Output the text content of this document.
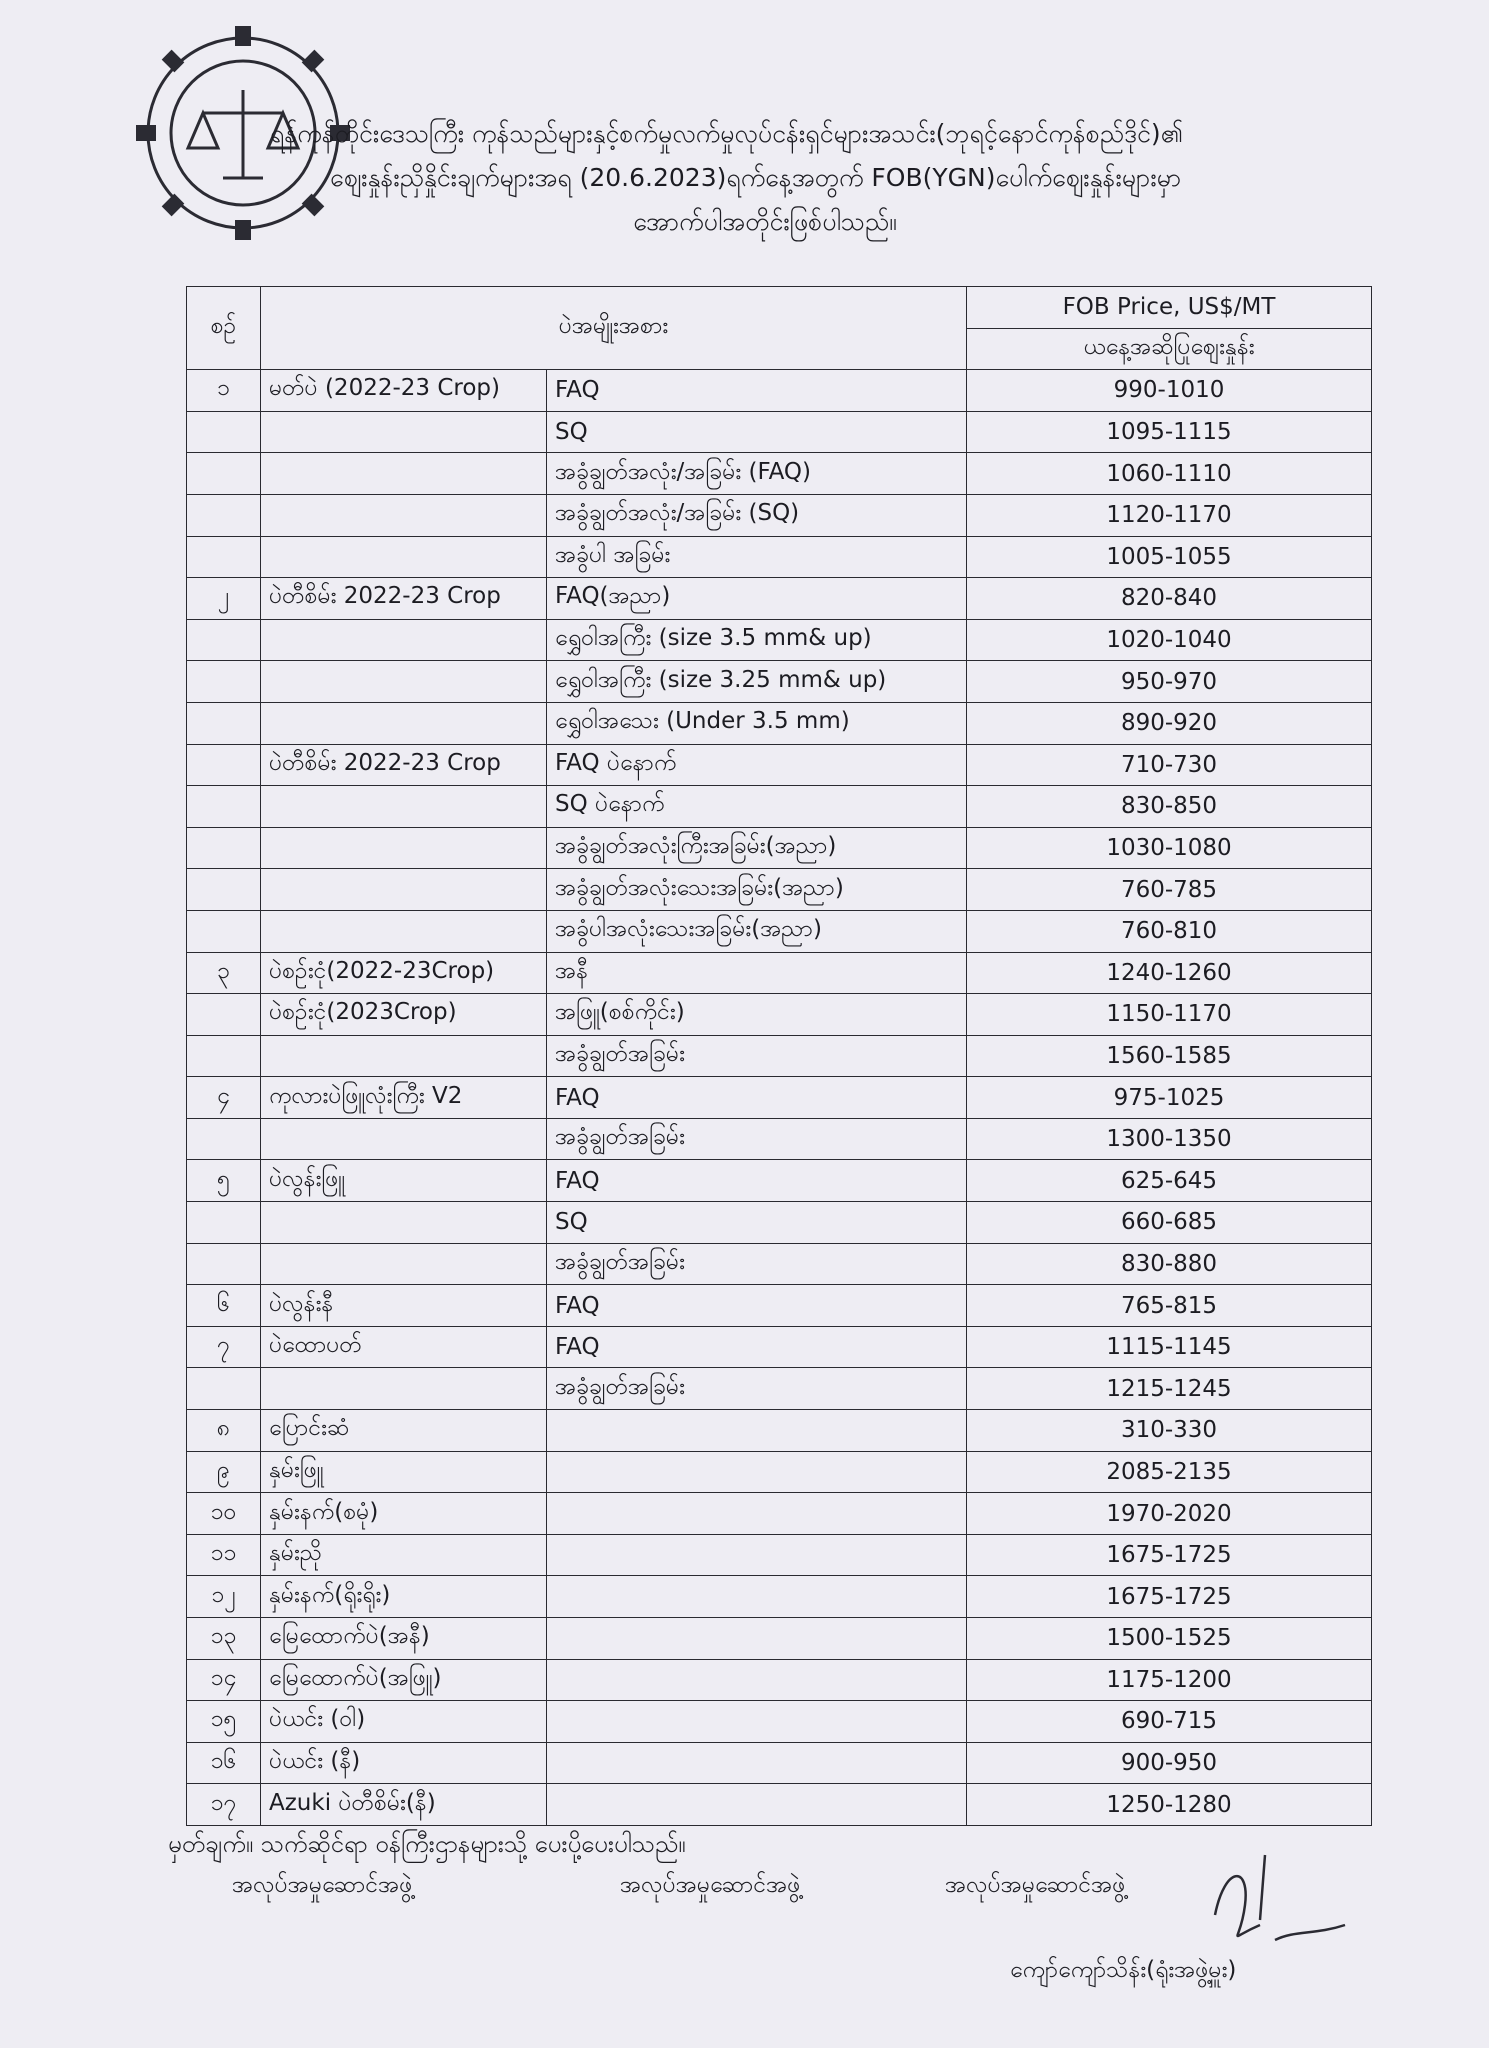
ရန်ကုန်တိုင်းဒေသကြီး ကုန်သည်များနှင့်စက်မှုလက်မှုလုပ်ငန်းရှင်များအသင်း(ဘုရင့်နောင်ကုန်စည်ဒိုင်)၏
ဈေးနှုန်းညှိနှိုင်းချက်များအရ (20.6.2023)ရက်နေ့အတွက် FOB(YGN)ပေါက်ဈေးနှုန်းများမှာ
အောက်ပါအတိုင်းဖြစ်ပါသည်။
စဉ်	ပဲအမျိုးအစား		FOB Price, US$/MT
			ယနေ့အဆိုပြုဈေးနှုန်း
၁	မတ်ပဲ (2022-23 Crop)	FAQ	990-1010
		SQ	1095-1115
		အခွံချွတ်အလုံး/အခြမ်း (FAQ)	1060-1110
		အခွံချွတ်အလုံး/အခြမ်း (SQ)	1120-1170
		အခွံပါ အခြမ်း	1005-1055
၂	ပဲတီစိမ်း 2022-23 Crop	FAQ(အညာ)	820-840
		ရွှေဝါအကြီး (size 3.5 mm& up)	1020-1040
		ရွှေဝါအကြီး (size 3.25 mm& up)	950-970
		ရွှေဝါအသေး (Under 3.5 mm)	890-920
	ပဲတီစိမ်း 2022-23 Crop	FAQ ပဲနောက်	710-730
		SQ ပဲနောက်	830-850
		အခွံချွတ်အလုံးကြီးအခြမ်း(အညာ)	1030-1080
		အခွံချွတ်အလုံးသေးအခြမ်း(အညာ)	760-785
		အခွံပါအလုံးသေးအခြမ်း(အညာ)	760-810
၃	ပဲစဉ်းငုံ(2022-23Crop)	အနီ	1240-1260
	ပဲစဉ်းငုံ(2023Crop)	အဖြူ(စစ်ကိုင်း)	1150-1170
		အခွံချွတ်အခြမ်း	1560-1585
၄	ကုလားပဲဖြူလုံးကြီး V2	FAQ	975-1025
		အခွံချွတ်အခြမ်း	1300-1350
၅	ပဲလွန်းဖြူ	FAQ	625-645
		SQ	660-685
		အခွံချွတ်အခြမ်း	830-880
၆	ပဲလွန်းနီ	FAQ	765-815
၇	ပဲထောပတ်	FAQ	1115-1145
		အခွံချွတ်အခြမ်း	1215-1245
၈	ပြောင်းဆံ		310-330
၉	နှမ်းဖြူ		2085-2135
၁၀	နှမ်းနက်(စမုံ)		1970-2020
၁၁	နှမ်းညို		1675-1725
၁၂	နှမ်းနက်(ရိုးရိုး)		1675-1725
၁၃	မြေထောက်ပဲ(အနီ)		1500-1525
၁၄	မြေထောက်ပဲ(အဖြူ)		1175-1200
၁၅	ပဲယင်း (ဝါ)		690-715
၁၆	ပဲယင်း (နီ)		900-950
၁၇	Azuki ပဲတီစိမ်း(နီ)		1250-1280
မှတ်ချက်။ သက်ဆိုင်ရာ ဝန်ကြီးဌာနများသို့ ပေးပို့ပေးပါသည်။
အလုပ်အမှုဆောင်အဖွဲ့	အလုပ်အမှုဆောင်အဖွဲ့	အလုပ်အမှုဆောင်အဖွဲ့
ကျော်ကျော်သိန်း(ရုံးအဖွဲ့မှူး)
